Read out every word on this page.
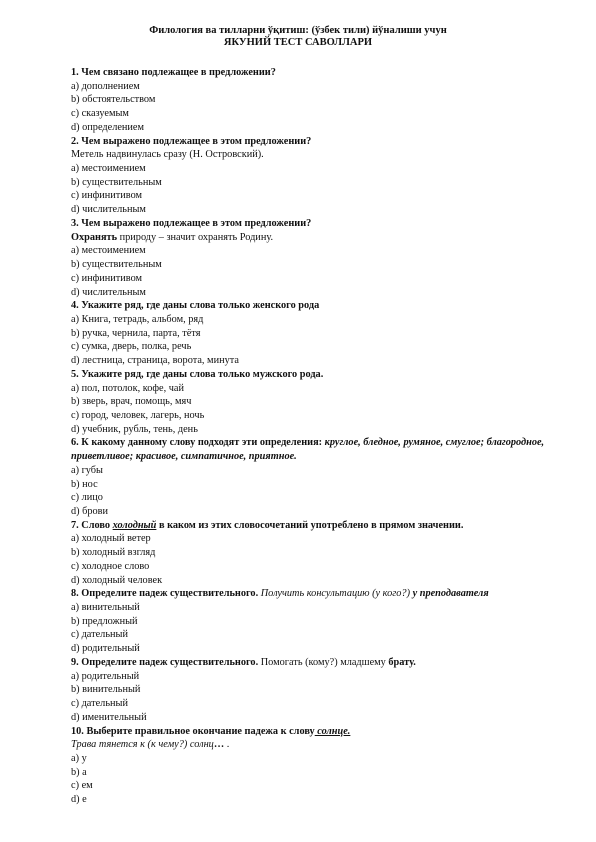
Филология ва тилларни ўқитиш: (ўзбек тили) йўналиши учун
ЯКУНИЙ ТЕСТ САВОЛЛАРИ
1. Чем связано подлежащее в предложении?
a) дополнением
b) обстоятельством
c) сказуемым
d) определением
2. Чем выражено подлежащее в этом предложении?
Метель надвинулась сразу (Н. Островский).
a) местоимением
b) существительным
c) инфинитивом
d) числительным
3. Чем выражено подлежащее в этом предложении?
Охранять природу – значит охранять Родину.
a) местоимением
b) существительным
c) инфинитивом
d) числительным
4. Укажите ряд, где даны слова только женского рода
a) Книга, тетрадь, альбом, ряд
b) ручка, чернила, парта, тётя
c) сумка, дверь, полка, речь
d) лестница, страница, ворота, минута
5. Укажите ряд, где даны слова только мужского рода.
a) пол, потолок, кофе, чай
b) зверь, врач, помощь, мяч
c) город, человек, лагерь, ночь
d) учебник, рубль, тень, день
6. К какому данному слову подходят эти определения: круглое, бледное, румяное, смуглое; благородное, приветливое; красивое, симпатичное, приятное.
a) губы
b) нос
c) лицо
d) брови
7. Слово холодный в каком из этих словосочетаний употреблено в прямом значении.
a) холодный ветер
b) холодный взгляд
c) холодное слово
d) холодный человек
8. Определите падеж существительного. Получить консультацию (у кого?) у преподавателя
a) винительный
b) предложный
c) дательный
d) родительный
9. Определите падеж существительного. Помогать (кому?) младшему брату.
a) родительный
b) винительный
c) дательный
d) именительный
10. Выберите правильное окончание падежа к слову солнце.
Трава тянется к (к чему?) солнц… .
a) у
b) а
c) ем
d) е
